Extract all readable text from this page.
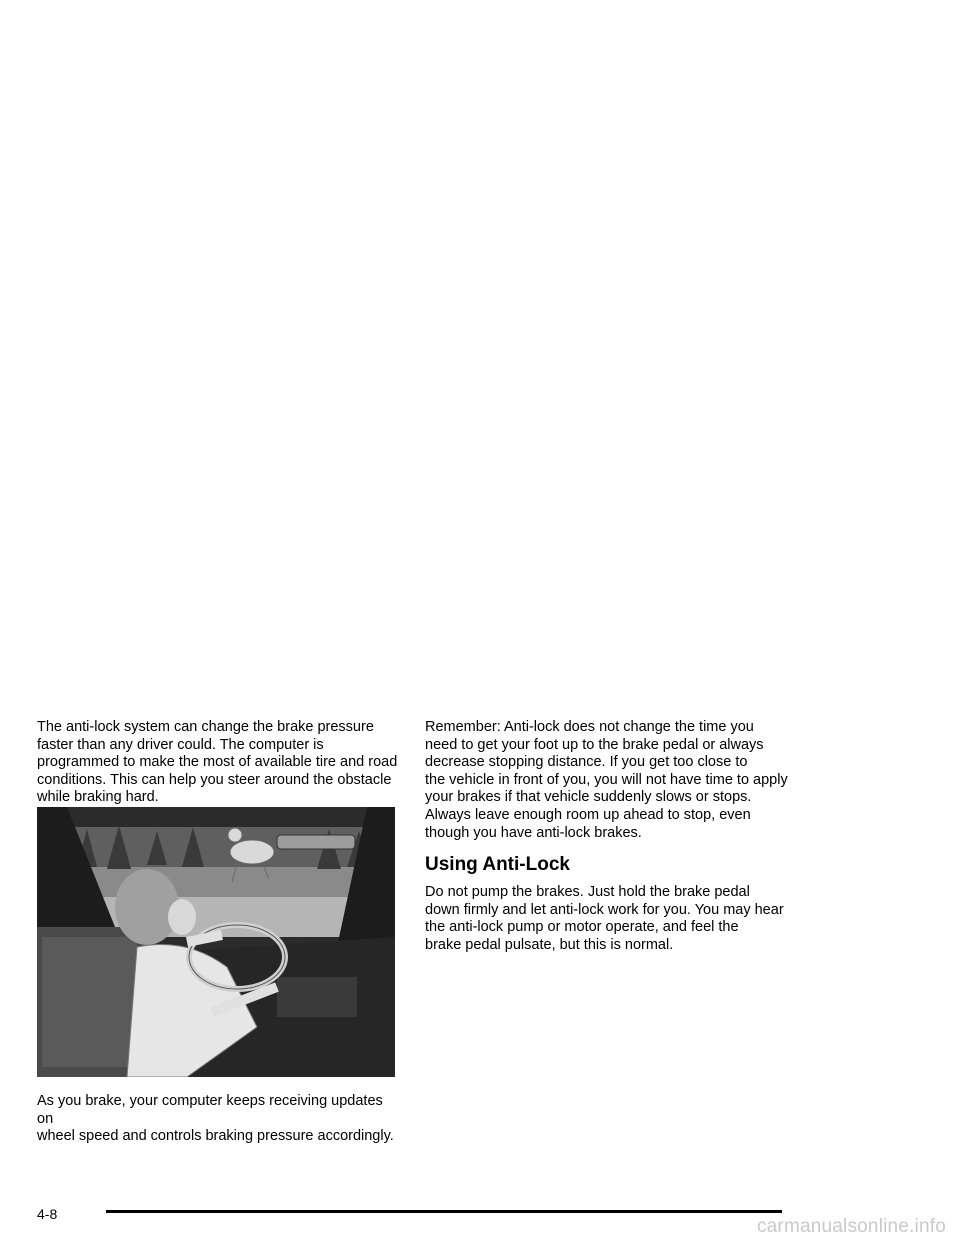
The anti-lock system can change the brake pressure
faster than any driver could. The computer is
programmed to make the most of available tire and road
conditions. This can help you steer around the obstacle
while braking hard.

As you brake, your computer keeps receiving updates on
wheel speed and controls braking pressure accordingly.

Remember: Anti-lock does not change the time you
need to get your foot up to the brake pedal or always
decrease stopping distance. If you get too close to
the vehicle in front of you, you will not have time to apply
your brakes if that vehicle suddenly slows or stops.
Always leave enough room up ahead to stop, even
though you have anti-lock brakes.

Using Anti-Lock

Do not pump the brakes. Just hold the brake pedal
down firmly and let anti-lock work for you. You may hear
the anti-lock pump or motor operate, and feel the
brake pedal pulsate, but this is normal.

4-8
carmanualsonline.info
